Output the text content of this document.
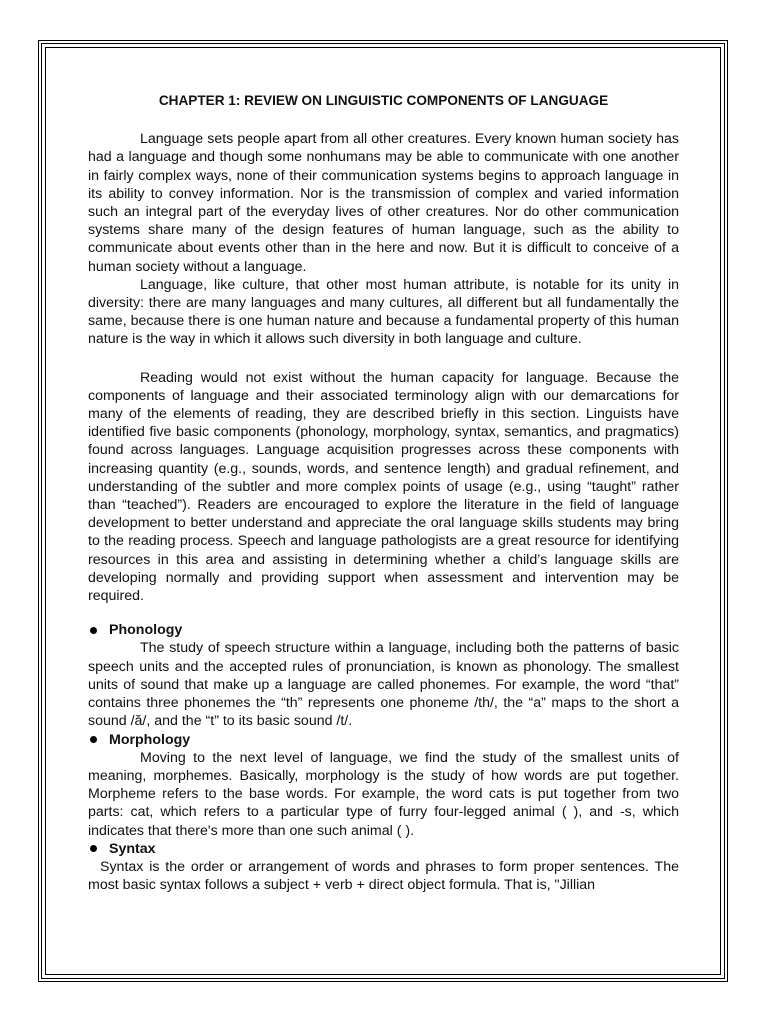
CHAPTER 1: REVIEW ON LINGUISTIC COMPONENTS OF LANGUAGE

Language sets people apart from all other creatures. Every known human society has had a language and though some nonhumans may be able to communicate with one another in fairly complex ways, none of their communication systems begins to approach language in its ability to convey information. Nor is the transmission of complex and varied information such an integral part of the everyday lives of other creatures. Nor do other communication systems share many of the design features of human language, such as the ability to communicate about events other than in the here and now. But it is difficult to conceive of a human society without a language.

Language, like culture, that other most human attribute, is notable for its unity in diversity: there are many languages and many cultures, all different but all fundamentally the same, because there is one human nature and because a fundamental property of this human nature is the way in which it allows such diversity in both language and culture.

Reading would not exist without the human capacity for language. Because the components of language and their associated terminology align with our demarcations for many of the elements of reading, they are described briefly in this section. Linguists have identified five basic components (phonology, morphology, syntax, semantics, and pragmatics) found across languages. Language acquisition progresses across these components with increasing quantity (e.g., sounds, words, and sentence length) and gradual refinement, and understanding of the subtler and more complex points of usage (e.g., using “taught” rather than “teached”). Readers are encouraged to explore the literature in the field of language development to better understand and appreciate the oral language skills students may bring to the reading process. Speech and language pathologists are a great resource for identifying resources in this area and assisting in determining whether a child’s language skills are developing normally and providing support when assessment and intervention may be required.

Phonology

The study of speech structure within a language, including both the patterns of basic speech units and the accepted rules of pronunciation, is known as phonology. The smallest units of sound that make up a language are called phonemes. For example, the word “that” contains three phonemes the “th” represents one phoneme /th/, the “a” maps to the short a sound /ă/, and the “t” to its basic sound /t/.

Morphology

Moving to the next level of language, we find the study of the smallest units of meaning, morphemes. Basically, morphology is the study of how words are put together. Morpheme refers to the base words. For example, the word cats is put together from two parts: cat, which refers to a particular type of furry four-legged animal ( ), and -s, which indicates that there's more than one such animal ( ).

Syntax

Syntax is the order or arrangement of words and phrases to form proper sentences. The most basic syntax follows a subject + verb + direct object formula. That is, "Jillian
